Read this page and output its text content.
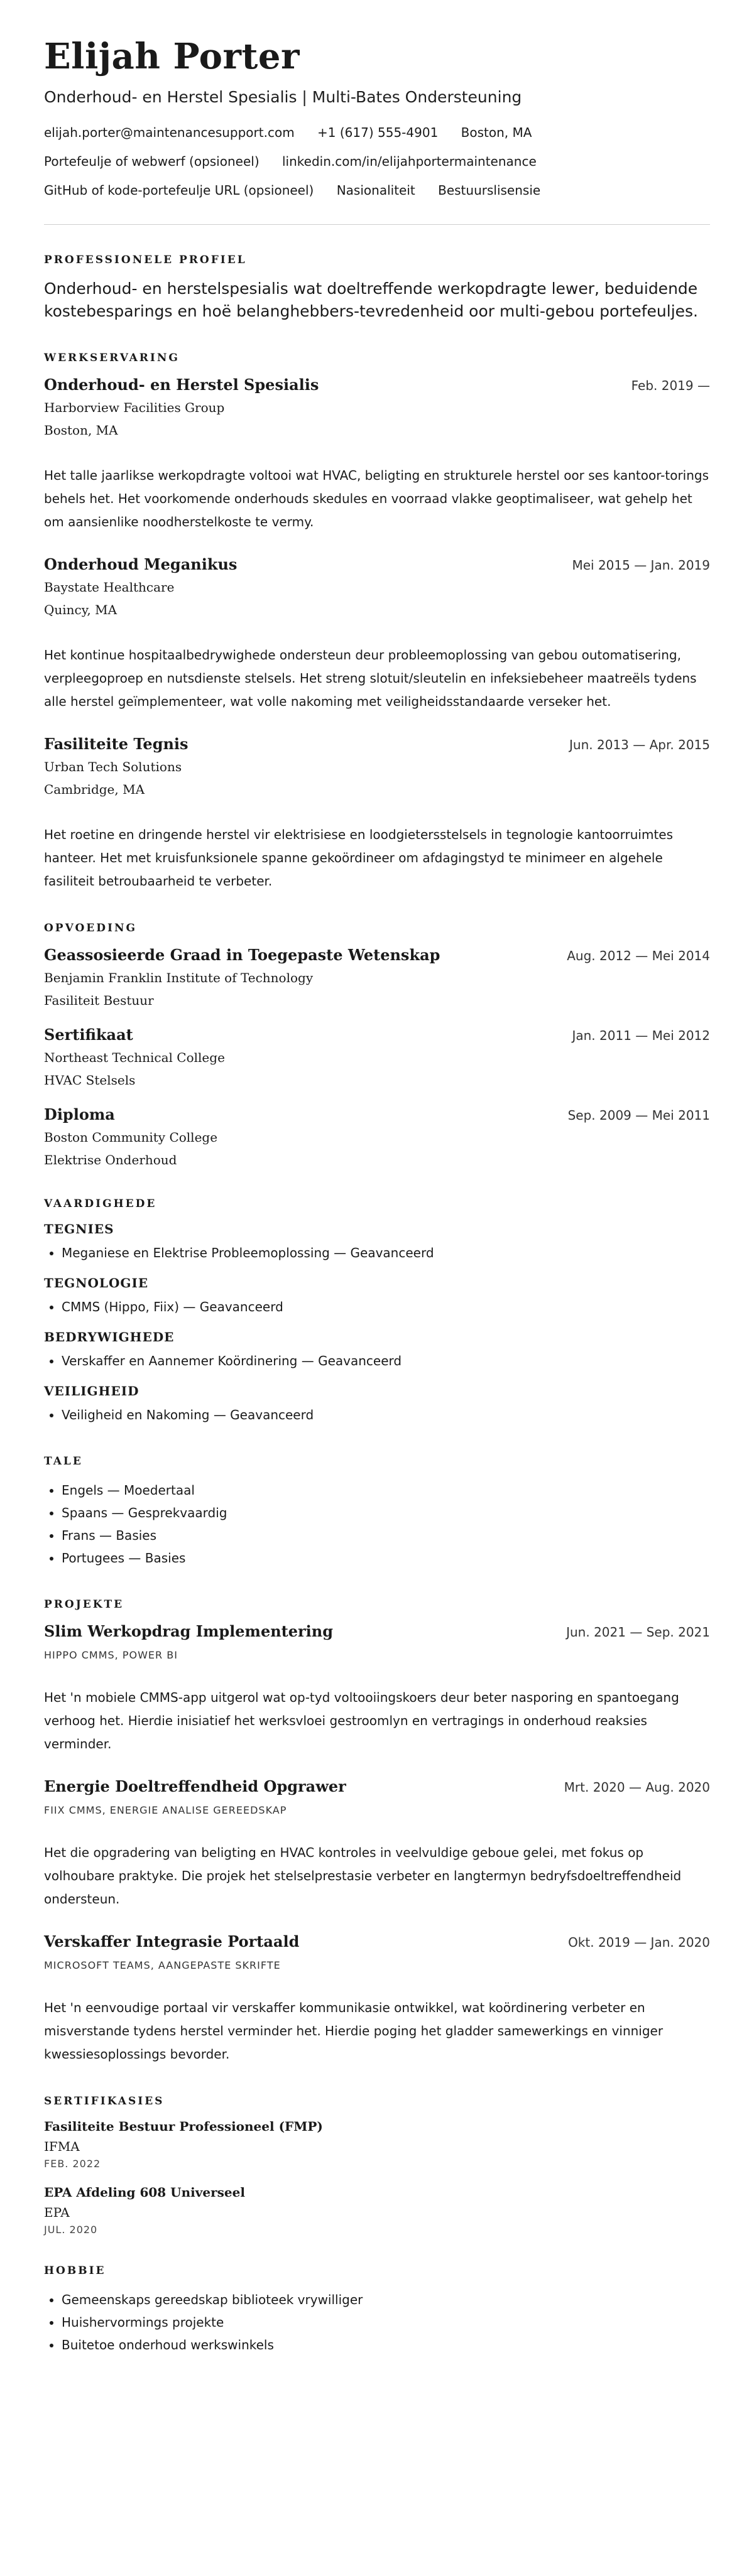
Elijah Porter
Onderhoud- en Herstel Spesialis | Multi-Bates Ondersteuning
elijah.porter@maintenancesupport.com +1 (617) 555-4901 Boston, MA
Portefeulje of webwerf (opsioneel) linkedin.com/in/elijahportermaintenance
GitHub of kode-portefeulje URL (opsioneel) Nasionaliteit Bestuurslisensie
PROFESSIONELE PROFIEL

Onderhoud- en herstelspesialis wat doeltreffende werkopdragte lewer, beduidende kostebesparings en hoë belanghebbers-tevredenheid oor multi-gebou portefeuljes.

WERKSERVARING
Onderhoud- en Herstel Spesialis	Feb. 2019 —
Harborview Facilities Group
Boston, MA

Het talle jaarlikse werkopdragte voltooi wat HVAC, beligting en strukturele herstel oor ses kantoor-torings behels het. Het voorkomende onderhouds skedules en voorraad vlakke geoptimaliseer, wat gehelp het om aansienlike noodherstelkoste te vermy.

Onderhoud Meganikus	Mei 2015 — Jan. 2019
Baystate Healthcare
Quincy, MA

Het kontinue hospitaalbedrywighede ondersteun deur probleemoplossing van gebou outomatisering, verpleegoproep en nutsdienste stelsels. Het streng slotuit/sleutelin en infeksiebeheer maatreëls tydens alle herstel geïmplementeer, wat volle nakoming met veiligheidsstandaarde verseker het.

Fasiliteite Tegnis	Jun. 2013 — Apr. 2015
Urban Tech Solutions
Cambridge, MA

Het roetine en dringende herstel vir elektrisiese en loodgietersstelsels in tegnologie kantoorruimtes hanteer. Het met kruisfunksionele spanne gekoördineer om afdagingstyd te minimeer en algehele fasiliteit betroubaarheid te verbeter.

OPVOEDING
Geassosieerde Graad in Toegepaste Wetenskap	Aug. 2012 — Mei 2014
Benjamin Franklin Institute of Technology
Fasiliteit Bestuur
Sertifikaat	Jan. 2011 — Mei 2012
Northeast Technical College
HVAC Stelsels
Diploma	Sep. 2009 — Mei 2011
Boston Community College
Elektrise Onderhoud
VAARDIGHEDE
TEGNIES
• Meganiese en Elektrise Probleemoplossing — Geavanceerd
TEGNOLOGIE
• CMMS (Hippo, Fiix) — Geavanceerd
BEDRYWIGHEDE
• Verskaffer en Aannemer Koördinering — Geavanceerd
VEILIGHEID
• Veiligheid en Nakoming — Geavanceerd
TALE
• Engels — Moedertaal
• Spaans — Gesprekvaardig
• Frans — Basies
• Portugees — Basies
PROJEKTE
Slim Werkopdrag Implementering	Jun. 2021 — Sep. 2021
HIPPO CMMS, POWER BI

Het 'n mobiele CMMS-app uitgerol wat op-tyd voltooiingskoers deur beter nasporing en spantoegang verhoog het. Hierdie inisiatief het werksvloei gestroomlyn en vertragings in onderhoud reaksies verminder.

Energie Doeltreffendheid Opgrawer	Mrt. 2020 — Aug. 2020
FIIX CMMS, ENERGIE ANALISE GEREEDSKAP

Het die opgradering van beligting en HVAC kontroles in veelvuldige geboue gelei, met fokus op volhoubare praktyke. Die projek het stelselprestasie verbeter en langtermyn bedryfsdoeltreffendheid ondersteun.

Verskaffer Integrasie Portaald	Okt. 2019 — Jan. 2020
MICROSOFT TEAMS, AANGEPASTE SKRIFTE

Het 'n eenvoudige portaal vir verskaffer kommunikasie ontwikkel, wat koördinering verbeter en misverstande tydens herstel verminder het. Hierdie poging het gladder samewerkings en vinniger kwessiesoplossings bevorder.

SERTIFIKASIES
Fasiliteite Bestuur Professioneel (FMP)
IFMA
FEB. 2022
EPA Afdeling 608 Universeel
EPA
JUL. 2020
HOBBIE
• Gemeenskaps gereedskap biblioteek vrywilliger
• Huishervormings projekte
• Buitetoe onderhoud werkswinkels
